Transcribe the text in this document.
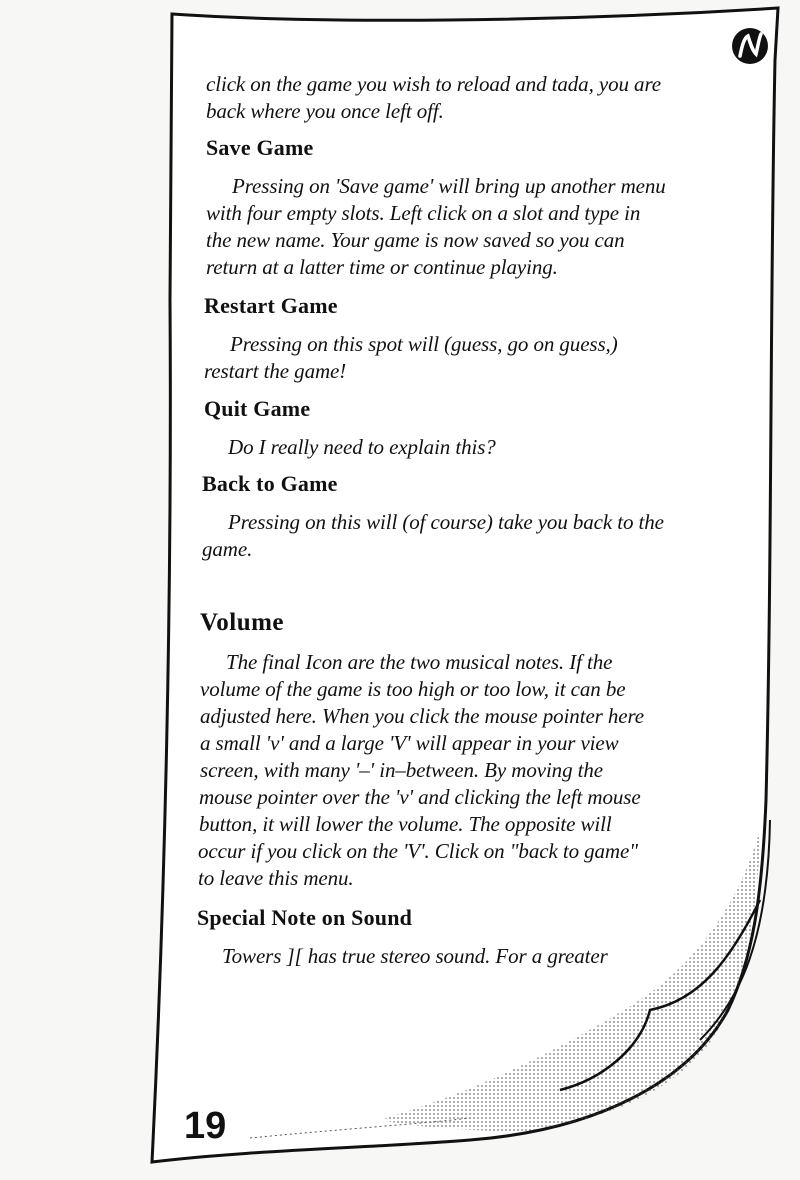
click on the game you wish to reload and tada, you are
back where you once left off.
Save Game
Pressing on 'Save game' will bring up another menu
with four empty slots. Left click on a slot and type in
the new name. Your game is now saved so you can
return at a latter time or continue playing.
Restart Game
Pressing on this spot will (guess, go on guess,)
restart the game!
Quit Game
Do I really need to explain this?
Back to Game
Pressing on this will (of course) take you back to the
game.
Volume
The final Icon are the two musical notes. If the
volume of the game is too high or too low, it can be
adjusted here. When you click the mouse pointer here
a small 'v' and a large 'V' will appear in your view
screen, with many '–' in–between. By moving the
mouse pointer over the 'v' and clicking the left mouse
button, it will lower the volume. The opposite will
occur if you click on the 'V'. Click on "back to game"
to leave this menu.
Special Note on Sound
Towers ][ has true stereo sound. For a greater
19
